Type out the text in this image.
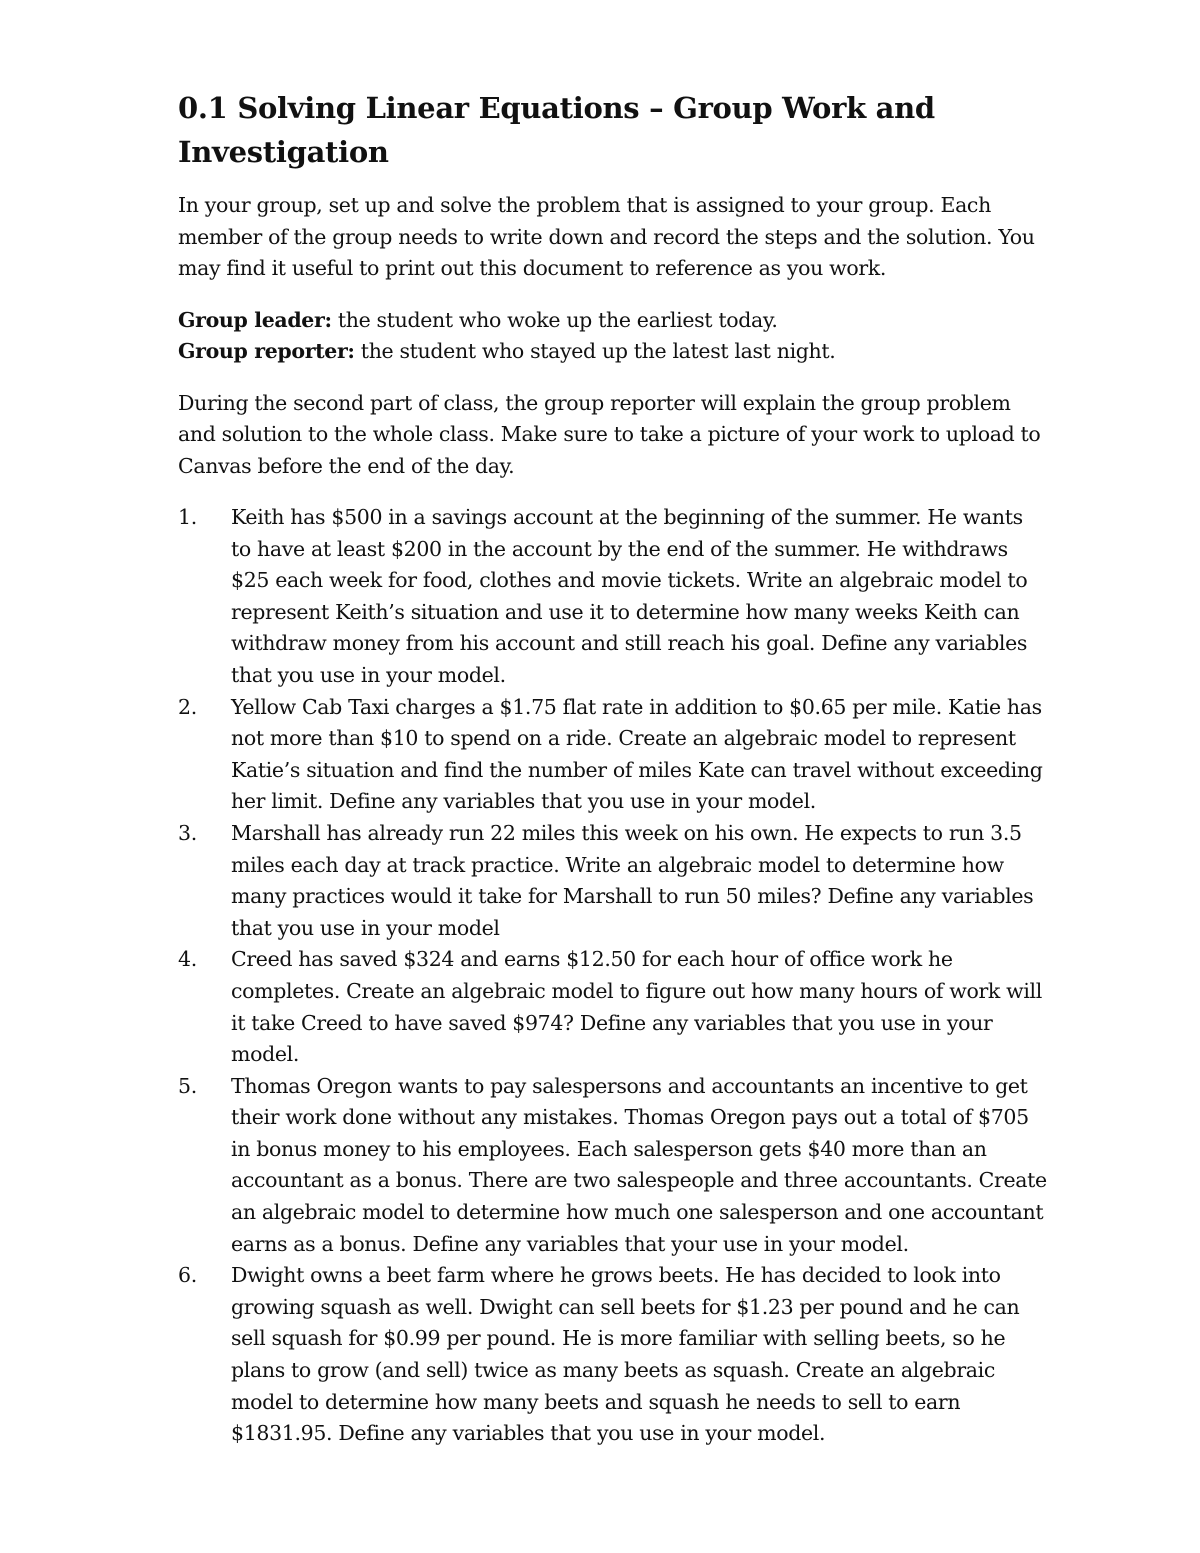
0.1 Solving Linear Equations – Group Work and Investigation

In your group, set up and solve the problem that is assigned to your group. Each member of the group needs to write down and record the steps and the solution. You may find it useful to print out this document to reference as you work.

Group leader: the student who woke up the earliest today.
Group reporter: the student who stayed up the latest last night.

During the second part of class, the group reporter will explain the group problem and solution to the whole class. Make sure to take a picture of your work to upload to Canvas before the end of the day.

1. Keith has $500 in a savings account at the beginning of the summer. He wants to have at least $200 in the account by the end of the summer. He withdraws $25 each week for food, clothes and movie tickets. Write an algebraic model to represent Keith’s situation and use it to determine how many weeks Keith can withdraw money from his account and still reach his goal. Define any variables that you use in your model.
2. Yellow Cab Taxi charges a $1.75 flat rate in addition to $0.65 per mile. Katie has not more than $10 to spend on a ride. Create an algebraic model to represent Katie’s situation and find the number of miles Kate can travel without exceeding her limit. Define any variables that you use in your model.
3. Marshall has already run 22 miles this week on his own. He expects to run 3.5 miles each day at track practice. Write an algebraic model to determine how many practices would it take for Marshall to run 50 miles? Define any variables that you use in your model
4. Creed has saved $324 and earns $12.50 for each hour of office work he completes. Create an algebraic model to figure out how many hours of work will it take Creed to have saved $974? Define any variables that you use in your model.
5. Thomas Oregon wants to pay salespersons and accountants an incentive to get their work done without any mistakes. Thomas Oregon pays out a total of $705 in bonus money to his employees. Each salesperson gets $40 more than an accountant as a bonus. There are two salespeople and three accountants. Create an algebraic model to determine how much one salesperson and one accountant earns as a bonus. Define any variables that your use in your model.
6. Dwight owns a beet farm where he grows beets. He has decided to look into growing squash as well. Dwight can sell beets for $1.23 per pound and he can sell squash for $0.99 per pound. He is more familiar with selling beets, so he plans to grow (and sell) twice as many beets as squash. Create an algebraic model to determine how many beets and squash he needs to sell to earn $1831.95. Define any variables that you use in your model.
